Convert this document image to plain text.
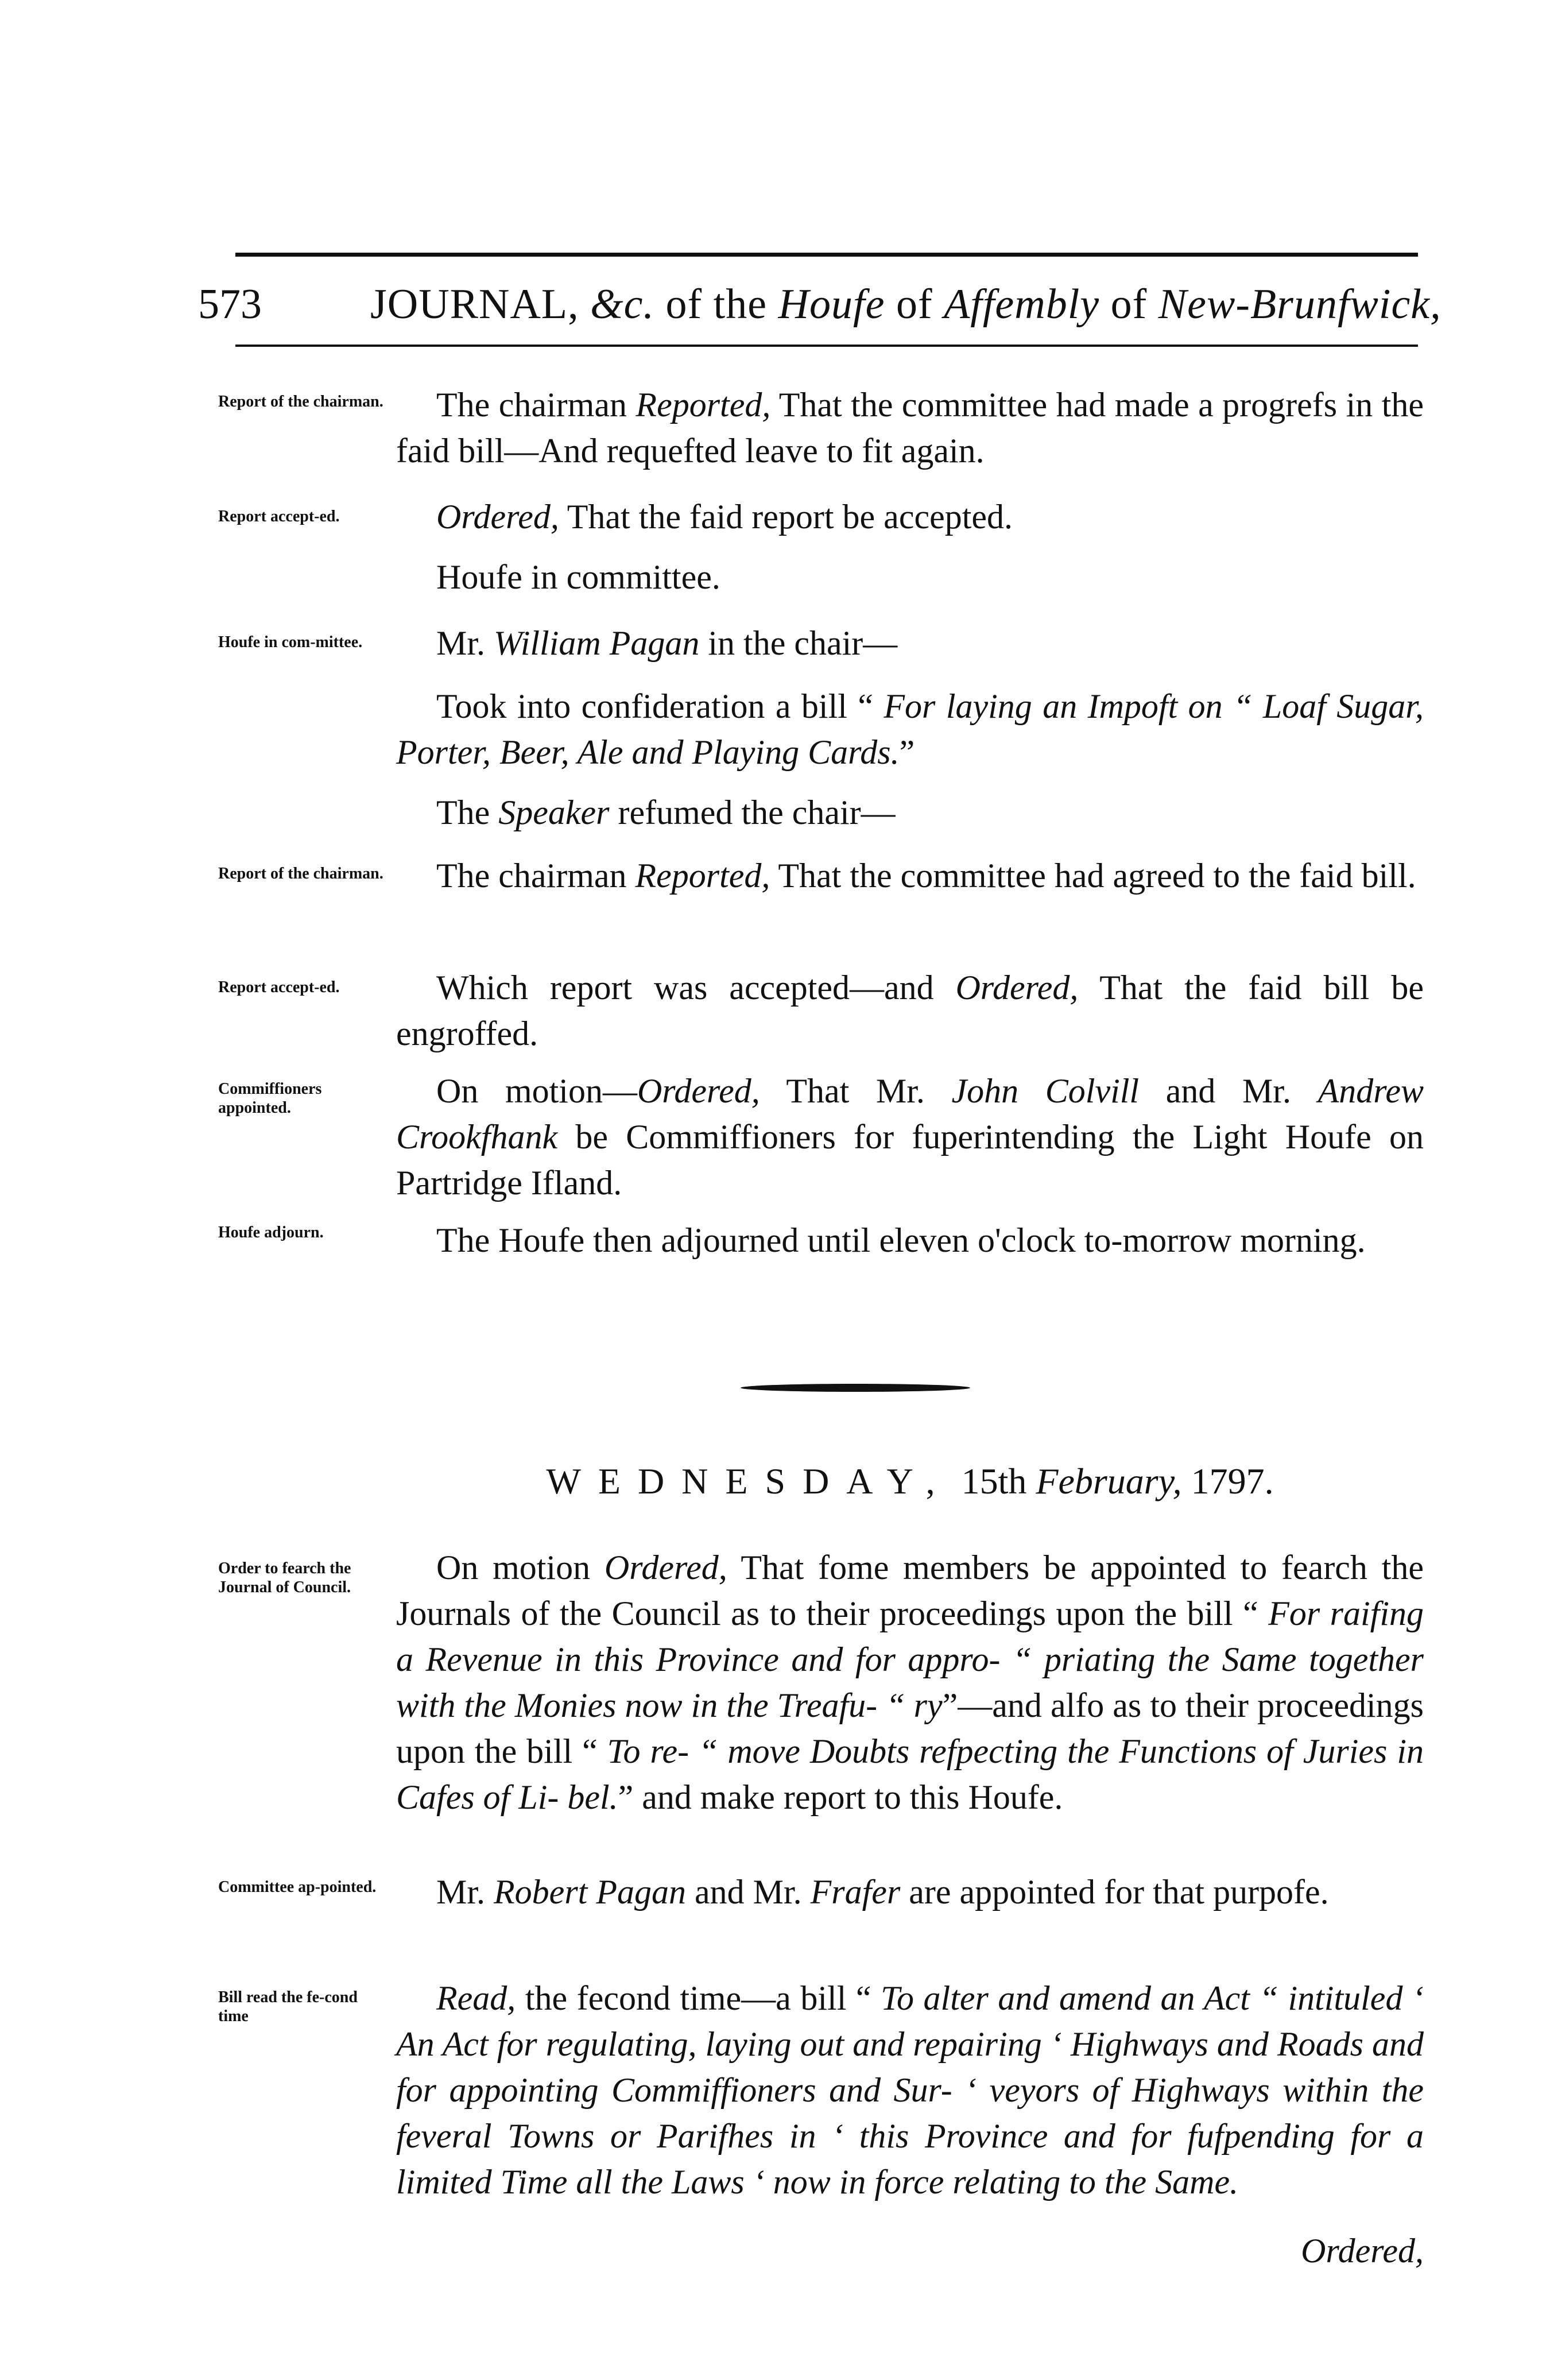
573	JOURNAL, &c. of the Houfe of Affembly of New-Brunfwick,
Report of the chairman.
Report accept-ed.
Houfe in com-mittee.
Report of the chairman.
Report accept-ed.
Commiffioners appointed.
Houfe adjourn.
Order to fearch the Journal of Council.
Committee ap-pointed.
Bill read the fe-cond time

The chairman Reported, That the committee had made a progrefs in the faid bill—And requefted leave to fit again.

Ordered, That the faid report be accepted.

Houfe in committee.

Mr. William Pagan in the chair—

Took into confideration a bill “ For laying an Impoft on “ Loaf Sugar, Porter, Beer, Ale and Playing Cards.”

The Speaker refumed the chair—

The chairman Reported, That the committee had agreed to the faid bill.

Which report was accepted—and Ordered, That the faid bill be engroffed.

On motion—Ordered, That Mr. John Colvill and Mr. Andrew Crookfhank be Commiffioners for fuperintending the Light Houfe on Partridge Ifland.

The Houfe then adjourned until eleven o'clock to-morrow morning.

WEDNESDAY, 15th February, 1797.

On motion Ordered, That fome members be appointed to fearch the Journals of the Council as to their proceedings upon the bill “ For raifing a Revenue in this Province and for appro- “ priating the Same together with the Monies now in the Treafu- “ ry”—and alfo as to their proceedings upon the bill “ To re- “ move Doubts refpecting the Functions of Juries in Cafes of Li- bel.” and make report to this Houfe.

Mr. Robert Pagan and Mr. Frafer are appointed for that purpofe.

Read, the fecond time—a bill “ To alter and amend an Act “ intituled ‘ An Act for regulating, laying out and repairing ‘ Highways and Roads and for appointing Commiffioners and Sur- ‘ veyors of Highways within the feveral Towns or Parifhes in ‘ this Province and for fufpending for a limited Time all the Laws ‘ now in force relating to the Same.

Ordered,
